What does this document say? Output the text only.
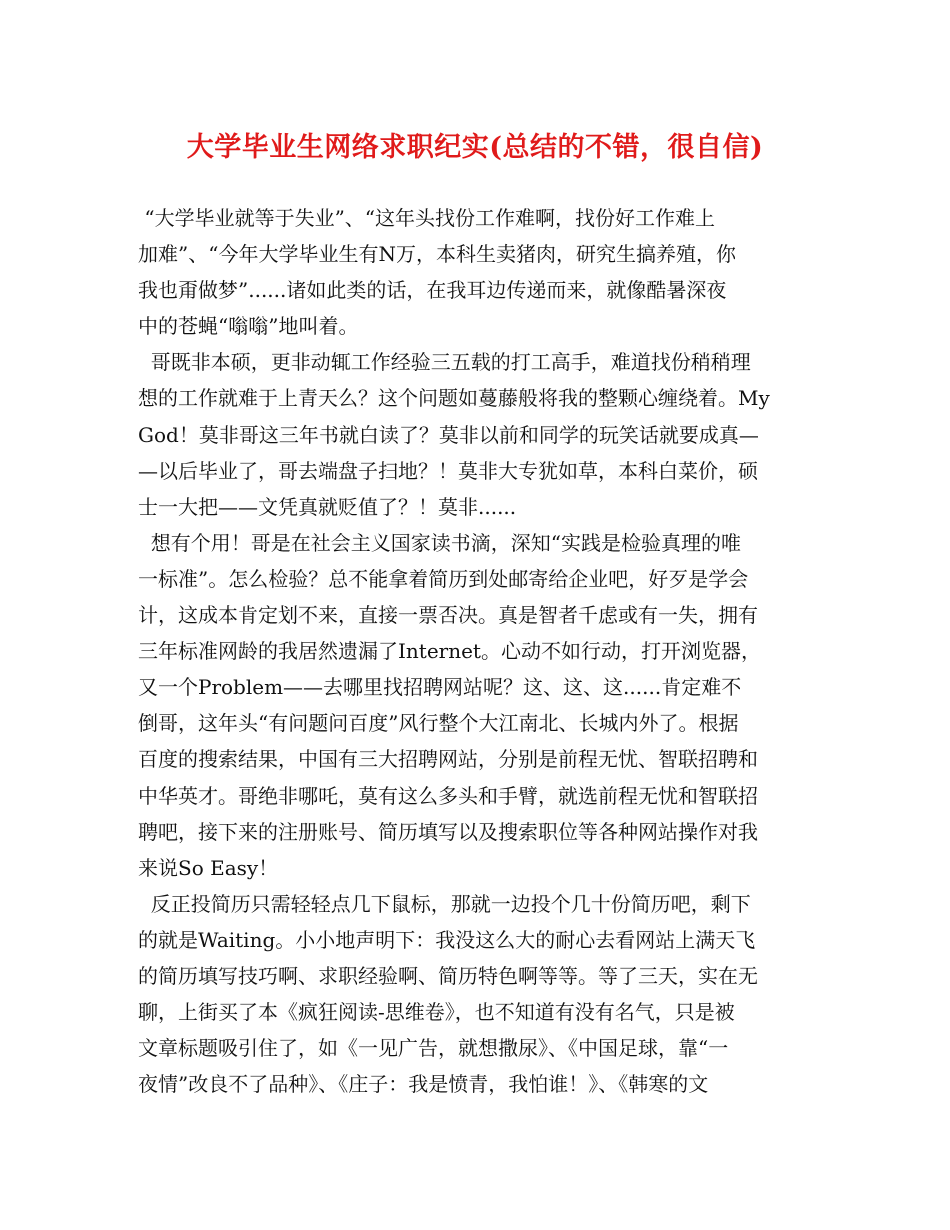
大学毕业生网络求职纪实(总结的不错，很自信)
“大学毕业就等于失业”、“这年头找份工作难啊，找份好工作难上
加难”、“今年大学毕业生有N万，本科生卖猪肉，研究生搞养殖，你
我也甭做梦”......诸如此类的话，在我耳边传递而来，就像酷暑深夜
中的苍蝇“嗡嗡”地叫着。
哥既非本硕，更非动辄工作经验三五载的打工高手，难道找份稍稍理
想的工作就难于上青天么？这个问题如蔓藤般将我的整颗心缠绕着。My
God！莫非哥这三年书就白读了？莫非以前和同学的玩笑话就要成真—
—以后毕业了，哥去端盘子扫地？！莫非大专犹如草，本科白菜价，硕
士一大把——文凭真就贬值了？！莫非......
想有个用！哥是在社会主义国家读书滴，深知“实践是检验真理的唯
一标准”。怎么检验？总不能拿着简历到处邮寄给企业吧，好歹是学会
计，这成本肯定划不来，直接一票否决。真是智者千虑或有一失，拥有
三年标准网龄的我居然遗漏了Internet。心动不如行动，打开浏览器，
又一个Problem——去哪里找招聘网站呢？这、这、这......肯定难不
倒哥，这年头“有问题问百度”风行整个大江南北、长城内外了。根据
百度的搜索结果，中国有三大招聘网站，分别是前程无忧、智联招聘和
中华英才。哥绝非哪吒，莫有这么多头和手臂，就选前程无忧和智联招
聘吧，接下来的注册账号、简历填写以及搜索职位等各种网站操作对我
来说So Easy！
反正投简历只需轻轻点几下鼠标，那就一边投个几十份简历吧，剩下
的就是Waiting。小小地声明下：我没这么大的耐心去看网站上满天飞
的简历填写技巧啊、求职经验啊、简历特色啊等等。等了三天，实在无
聊，上街买了本《疯狂阅读-思维卷》，也不知道有没有名气，只是被
文章标题吸引住了，如《一见广告，就想撒尿》、《中国足球，靠“一
夜情”改良不了品种》、《庄子：我是愤青，我怕谁！》、《韩寒的文
